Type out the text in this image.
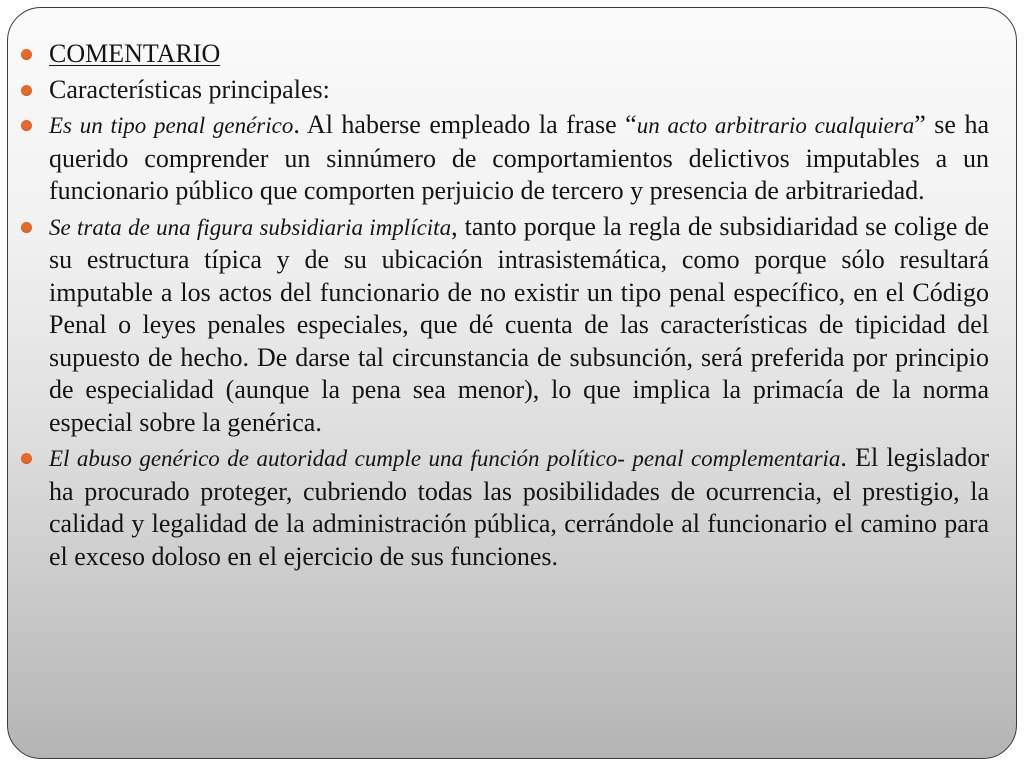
COMENTARIO
Características principales:
Es un tipo penal genérico. Al haberse empleado la frase “un acto arbitrario cualquiera” se ha querido comprender un sinnúmero de comportamientos delictivos imputables a un funcionario público que comporten perjuicio de tercero y presencia de arbitrariedad.
Se trata de una figura subsidiaria implícita, tanto porque la regla de subsidiaridad se colige de su estructura típica y de su ubicación intrasistemática, como porque sólo resultará imputable a los actos del funcionario de no existir un tipo penal específico, en el Código Penal o leyes penales especiales, que dé cuenta de las características de tipicidad del supuesto de hecho. De darse tal circunstancia de subsunción, será preferida por principio de especialidad (aunque la pena sea menor), lo que implica la primacía de la norma especial sobre la genérica.
El abuso genérico de autoridad cumple una función político- penal complementaria. El legislador ha procurado proteger, cubriendo todas las posibilidades de ocurrencia, el prestigio, la calidad y legalidad de la administración pública, cerrándole al funcionario el camino para el exceso doloso en el ejercicio de sus funciones.
